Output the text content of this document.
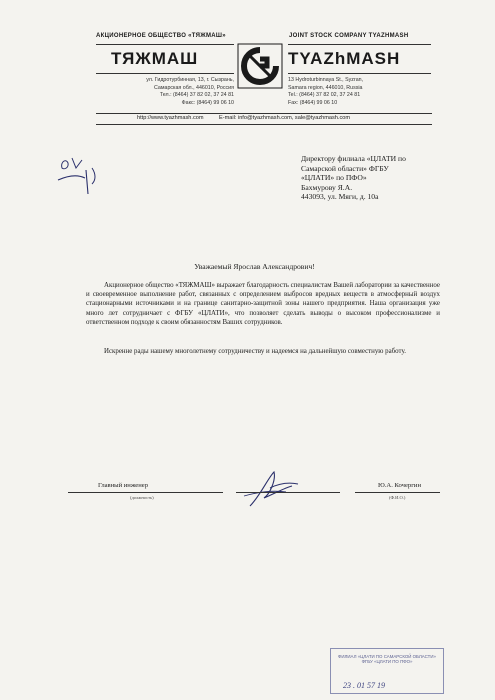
АКЦИОНЕРНОЕ ОБЩЕСТВО «ТЯЖМАШ»	JOINT STOCK COMPANY TYAZHMASH
ТЯЖМАШ	TYAZhMASH
ул. Гидротурбинная, 13, г. Сызрань,
Самарская обл., 446010, Россия
Тел.: (8464) 37 82 02, 37 24 81
Факс: (8464) 99 06 10
13 Hydroturbinnaya St., Syzran,
Samara region, 446010, Russia
Tel.: (8464) 37 82 02, 37 24 81
Fax: (8464) 99 06 10
http://www.tyazhmash.com	E-mail: info@tyazhmash.com, sale@tyazhmash.com
Директору филиала «ЦЛАТИ по
Самарской области» ФГБУ
«ЦЛАТИ» по ПФО»
Бахмурову Я.А.
443093, ул. Мяги, д. 10а
Уважаемый Ярослав Александрович!
Акционерное общество «ТЯЖМАШ» выражает благодарность специалистам Вашей лаборатории за качественное и своевременное выполнение работ, связанных с определением выбросов вредных веществ в атмосферный воздух стационарными источниками и на границе санитарно-защитной зоны нашего предприятия. Наша организация уже много лет сотрудничает с ФГБУ «ЦЛАТИ», что позволяет сделать выводы о высоком профессионализме и ответственном подходе к своим обязанностям Ваших сотрудников.
Искренне рады нашему многолетнему сотрудничеству и надеемся на дальнейшую совместную работу.
Главный инженер
(должность)
Ю.А. Кочергин
(Ф.И.О.)
ФИЛИАЛ «ЦЛАТИ ПО САМАРСКОЙ ОБЛАСТИ»
ФГБУ «ЦЛАТИ ПО ПФО»
23 . 01 57 19
